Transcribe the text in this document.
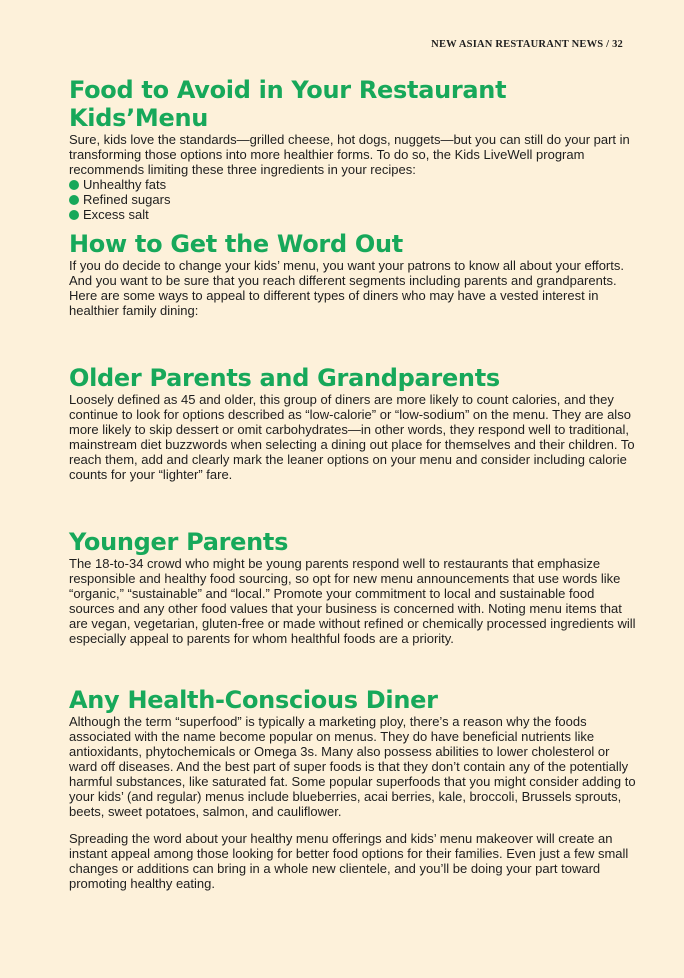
NEW ASIAN RESTAURANT NEWS / 32
Food to Avoid in Your Restaurant Kids’Menu

Sure, kids love the standards—grilled cheese, hot dogs, nuggets—but you can still do your part in transforming those options into more healthier forms. To do so, the Kids LiveWell program recommends limiting these three ingredients in your recipes:

Unhealthy fats
Refined sugars
Excess salt
How to Get the Word Out

If you do decide to change your kids’ menu, you want your patrons to know all about your efforts. And you want to be sure that you reach different segments including parents and grandparents. Here are some ways to appeal to different types of diners who may have a vested interest in healthier family dining:

Older Parents and Grandparents

Loosely defined as 45 and older, this group of diners are more likely to count calories, and they continue to look for options described as “low-calorie” or “low-sodium” on the menu. They are also more likely to skip dessert or omit carbohydrates—in other words, they respond well to traditional, mainstream diet buzzwords when selecting a dining out place for themselves and their children. To reach them, add and clearly mark the leaner options on your menu and consider including calorie counts for your “lighter” fare.

Younger Parents

The 18-to-34 crowd who might be young parents respond well to restaurants that emphasize responsible and healthy food sourcing, so opt for new menu announcements that use words like “organic,” “sustainable” and “local.” Promote your commitment to local and sustainable food sources and any other food values that your business is concerned with. Noting menu items that are vegan, vegetarian, gluten-free or made without refined or chemically processed ingredients will especially appeal to parents for whom healthful foods are a priority.

Any Health-Conscious Diner

Although the term “superfood” is typically a marketing ploy, there’s a reason why the foods associated with the name become popular on menus. They do have beneficial nutrients like antioxidants, phytochemicals or Omega 3s. Many also possess abilities to lower cholesterol or ward off diseases. And the best part of super foods is that they don’t contain any of the potentially harmful substances, like saturated fat. Some popular superfoods that you might consider adding to your kids’ (and regular) menus include blueberries, acai berries, kale, broccoli, Brussels sprouts, beets, sweet potatoes, salmon, and cauliflower.

Spreading the word about your healthy menu offerings and kids’ menu makeover will create an instant appeal among those looking for better food options for their families. Even just a few small changes or additions can bring in a whole new clientele, and you’ll be doing your part toward promoting healthy eating.
